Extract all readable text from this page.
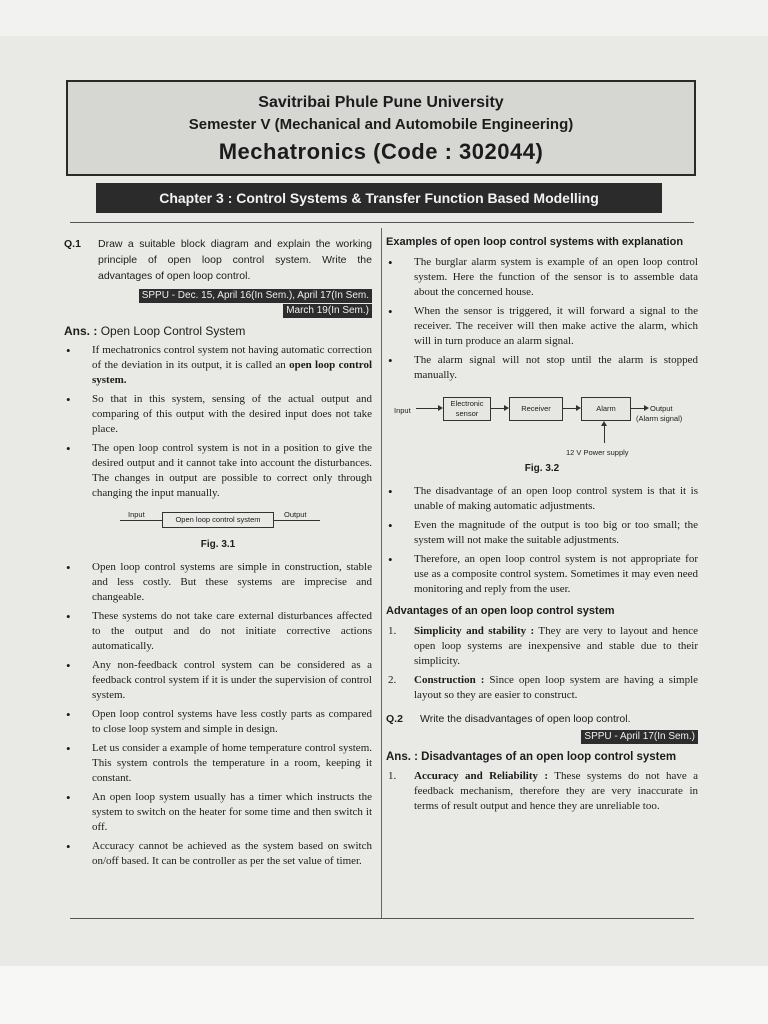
Savitribai Phule Pune University
Semester V (Mechanical and Automobile Engineering)
Mechatronics (Code : 302044)
Chapter 3 : Control Systems & Transfer Function Based Modelling
Q.1	Draw a suitable block diagram and explain the working principle of open loop control system. Write the advantages of open loop control.
SPPU - Dec. 15, April 16(In Sem.), April 17(In Sem.
March 19(In Sem.)
Ans. : Open Loop Control System
•	If mechatronics control system not having automatic correction of the deviation in its output, it is called an open loop control system.
•	So that in this system, sensing of the actual output and comparing of this output with the desired input does not take place.
•	The open loop control system is not in a position to give the desired output and it cannot take into account the disturbances. The changes in output are possible to correct only through changing the input manually.
Input
Open loop control system
Output
Fig. 3.1
•	Open loop control systems are simple in construction, stable and less costly. But these systems are imprecise and changeable.
•	These systems do not take care external disturbances affected to the output and do not initiate corrective actions automatically.
•	Any non-feedback control system can be considered as a feedback control system if it is under the supervision of control system.
•	Open loop control systems have less costly parts as compared to close loop system and simple in design.
•	Let us consider a example of home temperature control system. This system controls the temperature in a room, keeping it constant.
•	An open loop system usually has a timer which instructs the system to switch on the heater for some time and then switch it off.
•	Accuracy cannot be achieved as the system based on switch on/off based. It can be controller as per the set value of timer.
Examples of open loop control systems with explanation
•	The burglar alarm system is example of an open loop control system. Here the function of the sensor is to assemble data about the concerned house.
•	When the sensor is triggered, it will forward a signal to the receiver. The receiver will then make active the alarm, which will in turn produce an alarm signal.
•	The alarm signal will not stop until the alarm is stopped manually.
Input
Electronic sensor
Receiver	Alarm	Output
(Alarm signal)
12 V Power supply
Fig. 3.2
•	The disadvantage of an open loop control system is that it is unable of making automatic adjustments.
•	Even the magnitude of the output is too big or too small; the system will not make the suitable adjustments.
•	Therefore, an open loop control system is not appropriate for use as a composite control system. Sometimes it may even need monitoring and reply from the user.
Advantages of an open loop control system
1.	Simplicity and stability : They are very to layout and hence open loop systems are inexpensive and stable due to their simplicity.
2.	Construction : Since open loop system are having a simple layout so they are easier to construct.
Q.2	Write the disadvantages of open loop control.
SPPU - April 17(In Sem.)
Ans. : Disadvantages of an open loop control system
1.	Accuracy and Reliability : These systems do not have a feedback mechanism, therefore they are very inaccurate in terms of result output and hence they are unreliable too.
